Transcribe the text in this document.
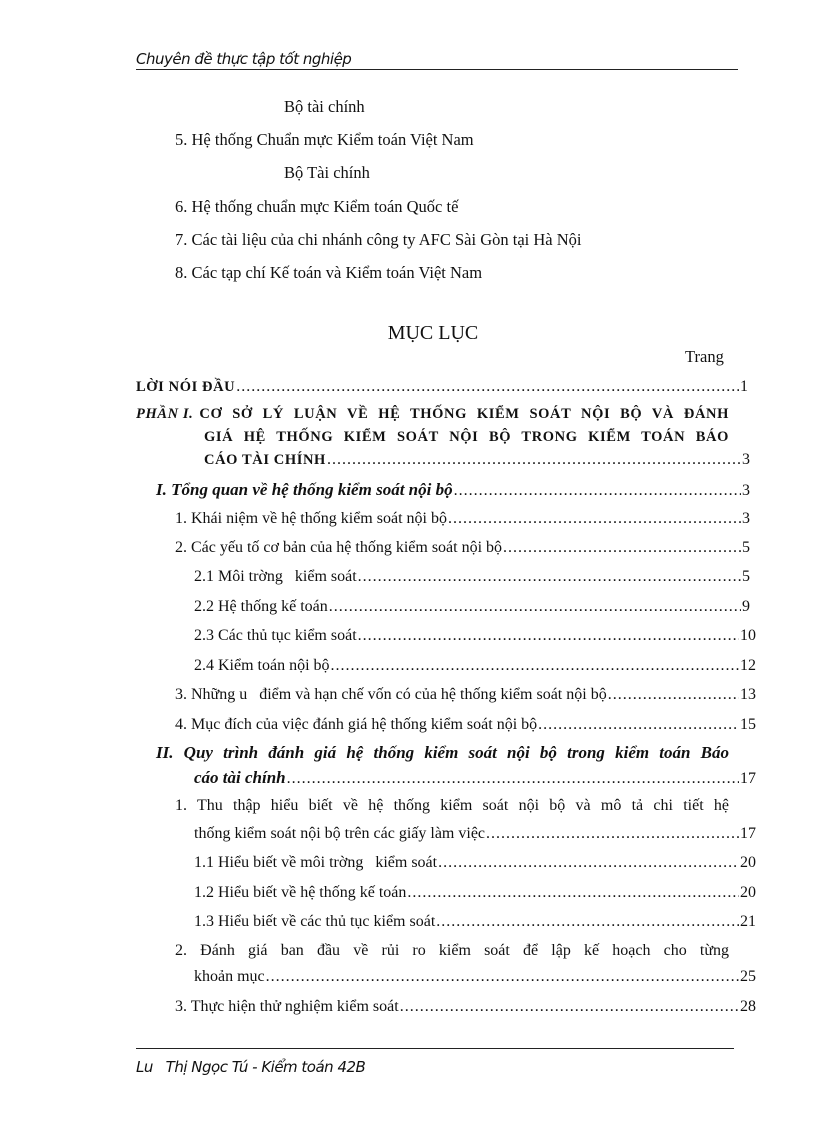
Chuyên đề thực tập tốt nghiệp
Bộ tài chính
5. Hệ thống Chuẩn mực Kiểm toán Việt Nam
Bộ Tài chính
6. Hệ thống chuẩn mực Kiểm toán Quốc tế
7. Các tài liệu của chi nhánh công ty AFC Sài Gòn tại Hà Nội
8. Các tạp chí Kế toán và Kiểm toán Việt Nam
MỤC LỤC
Trang
LỜI NÓI ĐẦU .....	1
PHẦN I. CƠ SỞ LÝ LUẬN VỀ HỆ THỐNG KIỂM SOÁT NỘI BỘ VÀ ĐÁNH
GIÁ HỆ THỐNG KIỂM SOÁT NỘI BỘ TRONG KIỂM TOÁN BÁO
CÁO TÀI CHÍNH .....	3
I. Tổng quan về hệ thống kiểm soát nội bộ .....	3
1. Khái niệm về hệ thống kiểm soát nội bộ .....	3
2. Các yếu tố cơ bản của hệ thống kiểm soát nội bộ .....	5
2.1 Môi trờng   kiểm soát .....	5
2.2 Hệ thống kế toán .....	9
2.3 Các thủ tục kiểm soát .....	10
2.4 Kiểm toán nội bộ .....	12
3. Những u   điểm và hạn chế vốn có của hệ thống kiểm soát nội bộ .....	13
4. Mục đích của việc đánh giá hệ thống kiểm soát nội bộ .....	15
II. Quy trình đánh giá hệ thống kiểm soát nội bộ trong kiểm toán Báo
cáo tài chính .....	17
1. Thu thập hiểu biết về hệ thống kiểm soát nội bộ và mô tả chi tiết hệ
thống kiểm soát nội bộ trên các giấy làm việc .....	17
1.1 Hiểu biết về môi trờng   kiểm soát .....	20
1.2 Hiểu biết về hệ thống kế toán .....	20
1.3 Hiểu biết về các thủ tục kiểm soát .....	21
2. Đánh giá ban đầu về rủi ro kiểm soát để lập kế hoạch cho từng
khoản mục .....	25
3. Thực hiện thử nghiệm kiểm soát .....	28
Lu   Thị Ngọc Tú - Kiểm toán 42B
